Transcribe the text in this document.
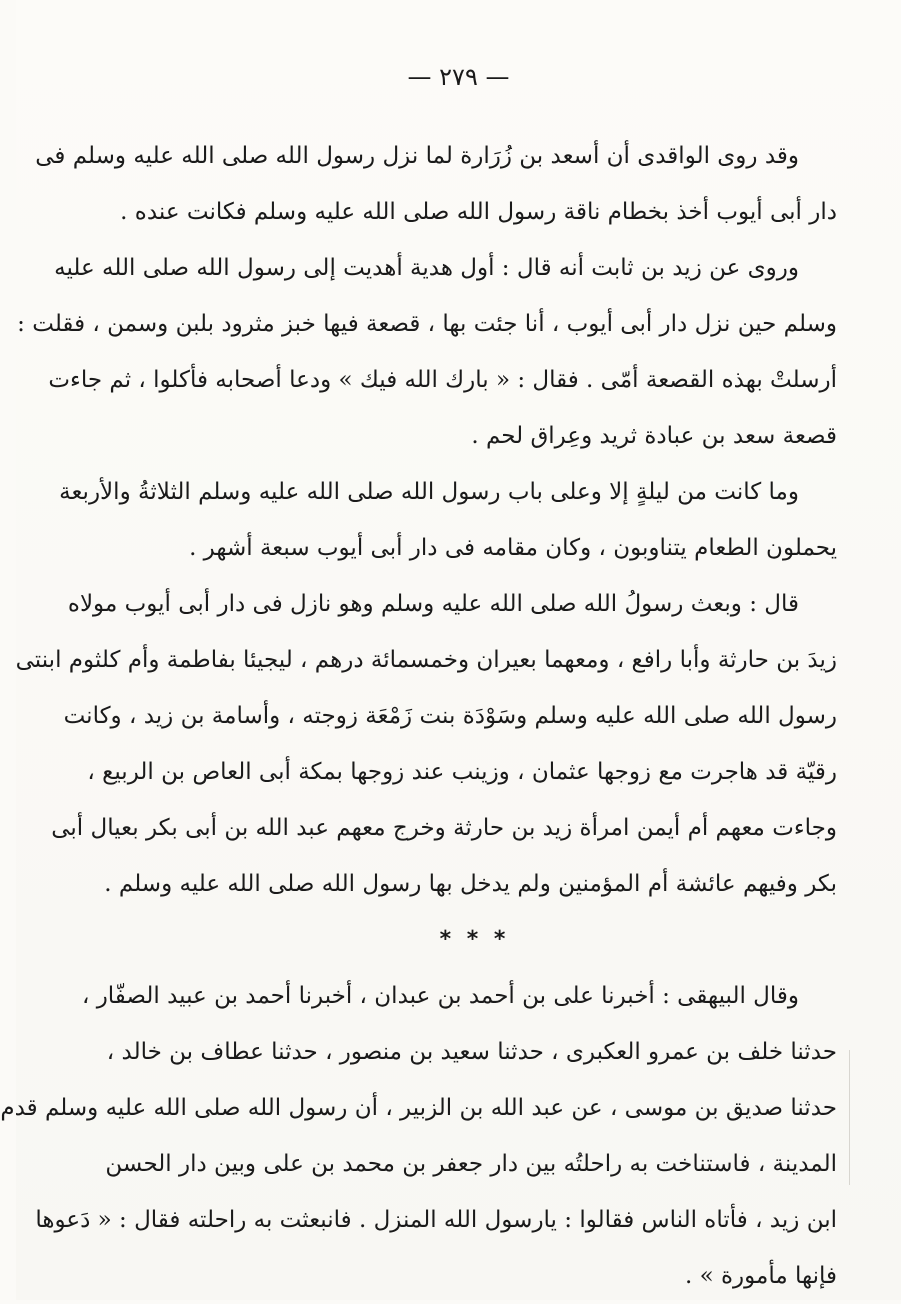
— ٢٧٩ —
وقد روى الواقدى أن أسعد بن زُرَارة لما نزل رسول الله صلى الله عليه وسلم فى
دار أبى أيوب أخذ بخطام ناقة رسول الله صلى الله عليه وسلم فكانت عنده .
وروى عن زيد بن ثابت أنه قال : أول هدية أهديت إلى رسول الله صلى الله عليه
وسلم حين نزل دار أبى أيوب ، أنا جئت بها ، قصعة فيها خبز مثرود بلبن وسمن ، فقلت :
أرسلتْ بهذه القصعة أمّى . فقال : « بارك الله فيك » ودعا أصحابه فأكلوا ، ثم جاءت
قصعة سعد بن عبادة ثريد وعِراق لحم .
وما كانت من ليلةٍ إلا وعلى باب رسول الله صلى الله عليه وسلم الثلاثةُ والأربعة
يحملون الطعام يتناوبون ، وكان مقامه فى دار أبى أيوب سبعة أشهر .
قال : وبعث رسولُ الله صلى الله عليه وسلم وهو نازل فى دار أبى أيوب مولاه
زيدَ بن حارثة وأبا رافع ، ومعهما بعيران وخمسمائة درهم ، ليجيئا بفاطمة وأم كلثوم ابنتى
رسول الله صلى الله عليه وسلم وسَوْدَة بنت زَمْعَة زوجته ، وأسامة بن زيد ، وكانت
رقيّة قد هاجرت مع زوجها عثمان ، وزينب عند زوجها بمكة أبى العاص بن الربيع ،
وجاءت معهم أم أيمن امرأة زيد بن حارثة وخرج معهم عبد الله بن أبى بكر بعيال أبى
بكر وفيهم عائشة أم المؤمنين ولم يدخل بها رسول الله صلى الله عليه وسلم .
* * *
وقال البيهقى : أخبرنا على بن أحمد بن عبدان ، أخبرنا أحمد بن عبيد الصفّار ،
حدثنا خلف بن عمرو العكبرى ، حدثنا سعيد بن منصور ، حدثنا عطاف بن خالد ،
حدثنا صديق بن موسى ، عن عبد الله بن الزبير ، أن رسول الله صلى الله عليه وسلم قدم
المدينة ، فاستناخت به راحلتُه بين دار جعفر بن محمد بن على وبين دار الحسن
ابن زيد ، فأتاه الناس فقالوا : يارسول الله المنزل . فانبعثت به راحلته فقال : « دَعوها
فإنها مأمورة » .
